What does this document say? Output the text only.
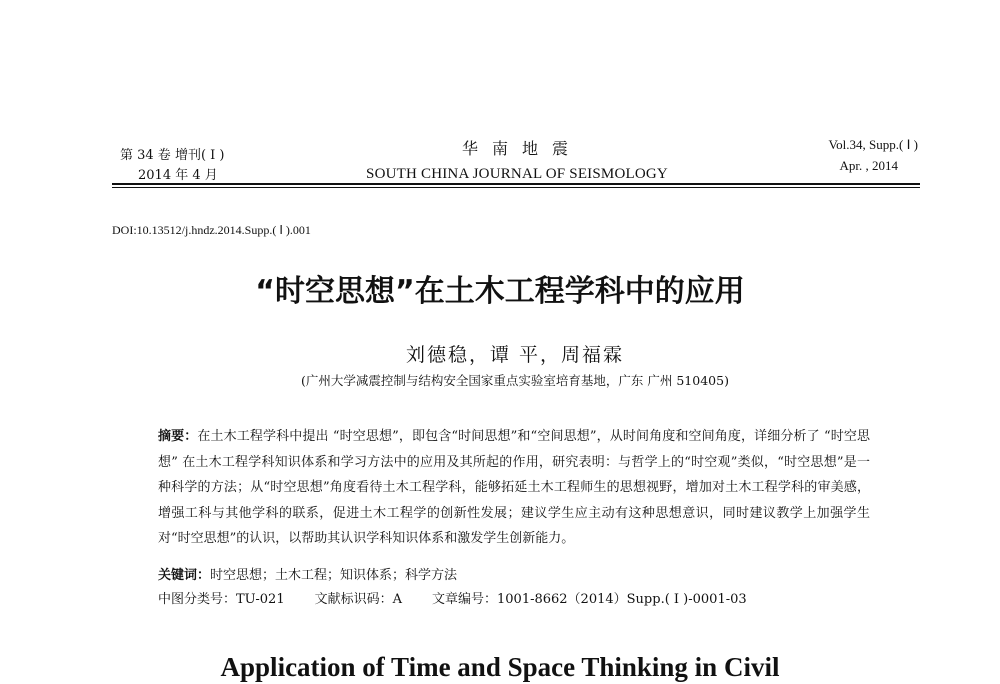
第 34 卷 增刊( Ⅰ )
2014 年 4 月
华南地震
SOUTH CHINA JOURNAL OF SEISMOLOGY
Vol.34, Supp.( Ⅰ )
Apr. , 2014
DOI:10.13512/j.hndz.2014.Supp.( Ⅰ ).001
“时空思想”在土木工程学科中的应用
刘德稳，谭 平，周福霖
(广州大学减震控制与结构安全国家重点实验室培育基地，广东 广州 510405)
摘要：在土木工程学科中提出 “时空思想”，即包含“时间思想”和“空间思想”，从时间角度和空间角度，详细分析了 “时空思想” 在土木工程学科知识体系和学习方法中的应用及其所起的作用，研究表明：与哲学上的“时空观”类似，“时空思想”是一种科学的方法；从“时空思想”角度看待土木工程学科，能够拓延土木工程师生的思想视野，增加对土木工程学科的审美感，增强工科与其他学科的联系，促进土木工程学的创新性发展；建议学生应主动有这种思想意识，同时建议教学上加强学生对“时空思想”的认识，以帮助其认识学科知识体系和激发学生创新能力。
关键词：时空思想；土木工程；知识体系；科学方法
中图分类号：TU-021 文献标识码：A 文章编号：1001-8662（2014）Supp.( Ⅰ )-0001-03
Application of Time and Space Thinking in Civil
